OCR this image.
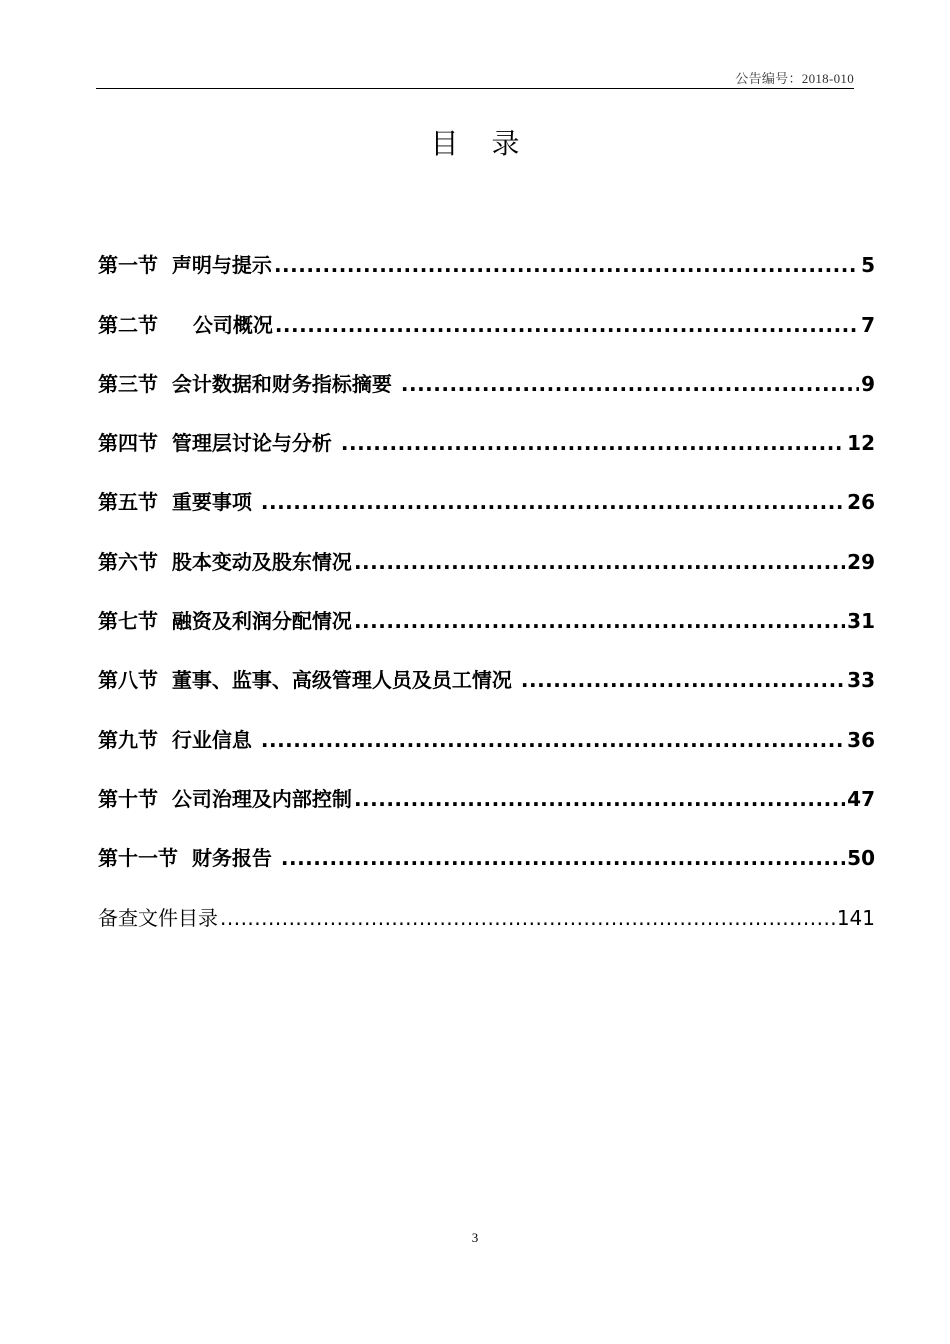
公告编号：2018-010
目 录
第一节  声明与提示 .....	5
第二节     公司概况 .....	7
第三节  会计数据和财务指标摘要 .....	9
第四节  管理层讨论与分析 .....	12
第五节  重要事项 .....	26
第六节  股本变动及股东情况 .....	29
第七节  融资及利润分配情况 .....	31
第八节  董事、监事、高级管理人员及员工情况 .....	33
第九节  行业信息 .....	36
第十节  公司治理及内部控制 .....	47
第十一节  财务报告 .....	50
备查文件目录 .....	141
3
